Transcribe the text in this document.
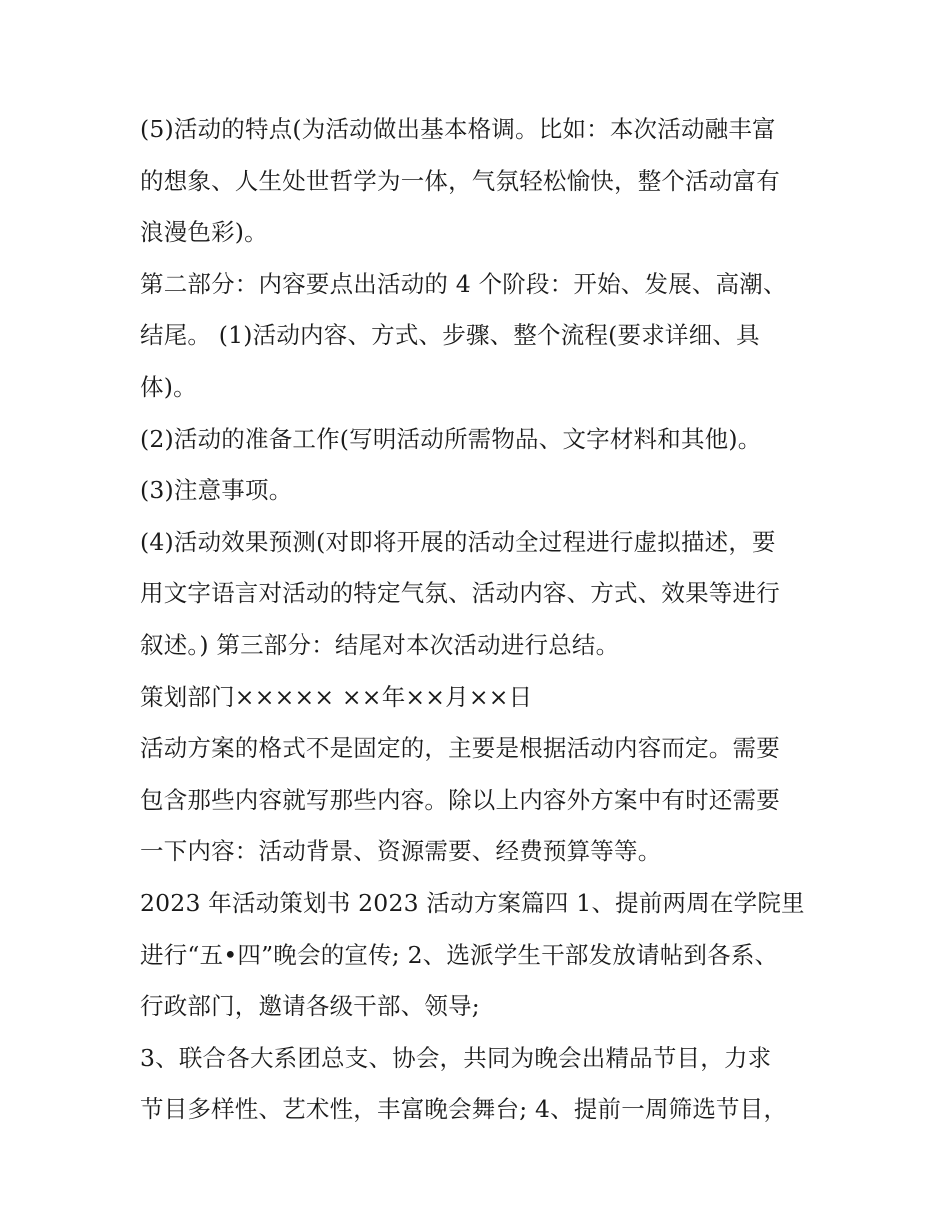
(5)活动的特点(为活动做出基本格调。比如：本次活动融丰富
的想象、人生处世哲学为一体，气氛轻松愉快，整个活动富有
浪漫色彩)。
第二部分：内容要点出活动的 4 个阶段：开始、发展、高潮、
结尾。 (1)活动内容、方式、步骤、整个流程(要求详细、具
体)。
(2)活动的准备工作(写明活动所需物品、文字材料和其他)。
(3)注意事项。
(4)活动效果预测(对即将开展的活动全过程进行虚拟描述，要
用文字语言对活动的特定气氛、活动内容、方式、效果等进行
叙述。) 第三部分：结尾对本次活动进行总结。
策划部门××××× ××年××月××日
活动方案的格式不是固定的，主要是根据活动内容而定。需要
包含那些内容就写那些内容。除以上内容外方案中有时还需要
一下内容：活动背景、资源需要、经费预算等等。
2023 年活动策划书 2023 活动方案篇四 1、提前两周在学院里
进行“五•四”晚会的宣传; 2、选派学生干部发放请帖到各系、
行政部门，邀请各级干部、领导;
3、联合各大系团总支、协会，共同为晚会出精品节目，力求
节目多样性、艺术性，丰富晚会舞台; 4、提前一周筛选节目，
